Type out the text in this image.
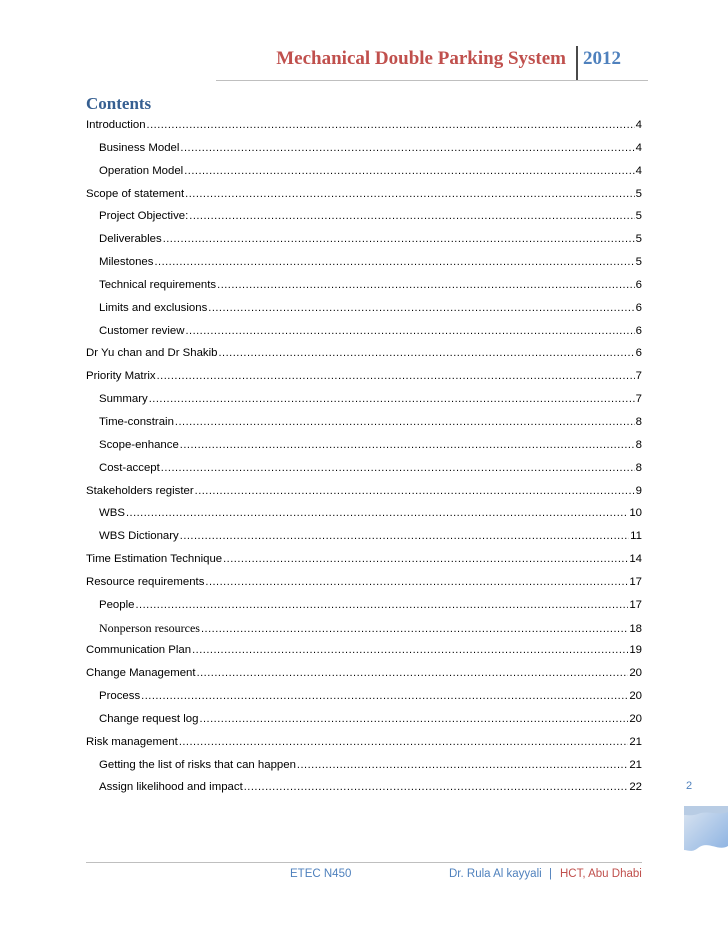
Mechanical Double Parking System 2012
Contents
Introduction .....	4
Business Model .....	4
Operation Model .....	4
Scope of statement .....	5
Project Objective: .....	5
Deliverables .....	5
Milestones .....	5
Technical requirements .....	6
Limits and exclusions .....	6
Customer review .....	6
Dr Yu chan and Dr Shakib .....	6
Priority Matrix .....	7
Summary .....	7
Time-constrain .....	8
Scope-enhance .....	8
Cost-accept .....	8
Stakeholders register .....	9
WBS .....	10
WBS Dictionary .....	11
Time Estimation Technique .....	14
Resource requirements .....	17
People .....	17
Nonperson resources .....	18
Communication Plan .....	19
Change Management .....	20
Process .....	20
Change request log .....	20
Risk management .....	21
Getting the list of risks that can happen .....	21
Assign likelihood and impact .....	22	2
ETEC N450	Dr. Rula Al kayyali | HCT, Abu Dhabi
